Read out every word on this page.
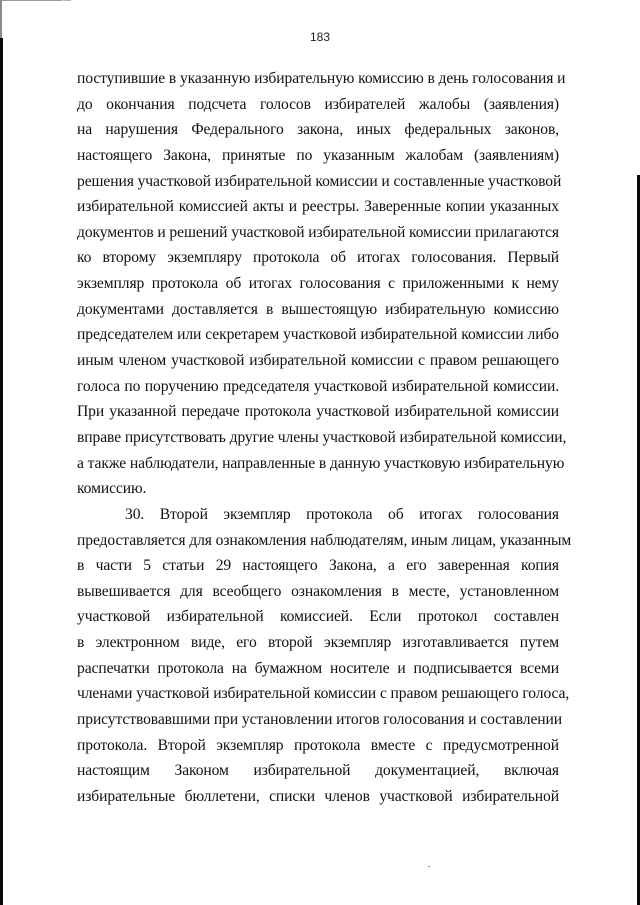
183
поступившие в указанную избирательную комиссию в день голосования и
до окончания подсчета голосов избирателей жалобы (заявления)
на нарушения Федерального закона, иных федеральных законов,
настоящего Закона, принятые по указанным жалобам (заявлениям)
решения участковой избирательной комиссии и составленные участковой
избирательной комиссией акты и реестры. Заверенные копии указанных
документов и решений участковой избирательной комиссии прилагаются
ко второму экземпляру протокола об итогах голосования. Первый
экземпляр протокола об итогах голосования с приложенными к нему
документами доставляется в вышестоящую избирательную комиссию
председателем или секретарем участковой избирательной комиссии либо
иным членом участковой избирательной комиссии с правом решающего
голоса по поручению председателя участковой избирательной комиссии.
При указанной передаче протокола участковой избирательной комиссии
вправе присутствовать другие члены участковой избирательной комиссии,
а также наблюдатели, направленные в данную участковую избирательную
комиссию.
30. Второй экземпляр протокола об итогах голосования
предоставляется для ознакомления наблюдателям, иным лицам, указанным
в части 5 статьи 29 настоящего Закона, а его заверенная копия
вывешивается для всеобщего ознакомления в месте, установленном
участковой избирательной комиссией. Если протокол составлен
в электронном виде, его второй экземпляр изготавливается путем
распечатки протокола на бумажном носителе и подписывается всеми
членами участковой избирательной комиссии с правом решающего голоса,
присутствовавшими при установлении итогов голосования и составлении
протокола. Второй экземпляр протокола вместе с предусмотренной
настоящим Законом избирательной документацией, включая
избирательные бюллетени, списки членов участковой избирательной
